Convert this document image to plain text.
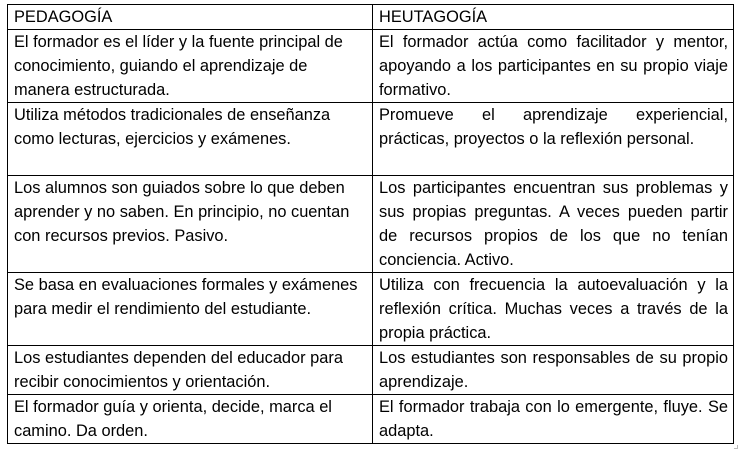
PEDAGOGÍA	HEUTAGOGÍA
El formador es el líder y la fuente principal de conocimiento, guiando el aprendizaje de manera estructurada.	El formador actúa como facilitador y mentor, apoyando a los participantes en su propio viaje formativo.
Utiliza métodos tradicionales de enseñanza como lecturas, ejercicios y exámenes.	Promueve el aprendizaje experiencial, prácticas, proyectos o la reflexión personal.
Los alumnos son guiados sobre lo que deben aprender y no saben. En principio, no cuentan con recursos previos. Pasivo.	Los participantes encuentran sus problemas y sus propias preguntas. A veces pueden partir de recursos propios de los que no tenían conciencia. Activo.
Se basa en evaluaciones formales y exámenes para medir el rendimiento del estudiante.	Utiliza con frecuencia la autoevaluación y la reflexión crítica. Muchas veces a través de la propia práctica.
Los estudiantes dependen del educador para recibir conocimientos y orientación.	Los estudiantes son responsables de su propio aprendizaje.
El formador guía y orienta, decide, marca el camino. Da orden.	El formador trabaja con lo emergente, fluye. Se adapta.
